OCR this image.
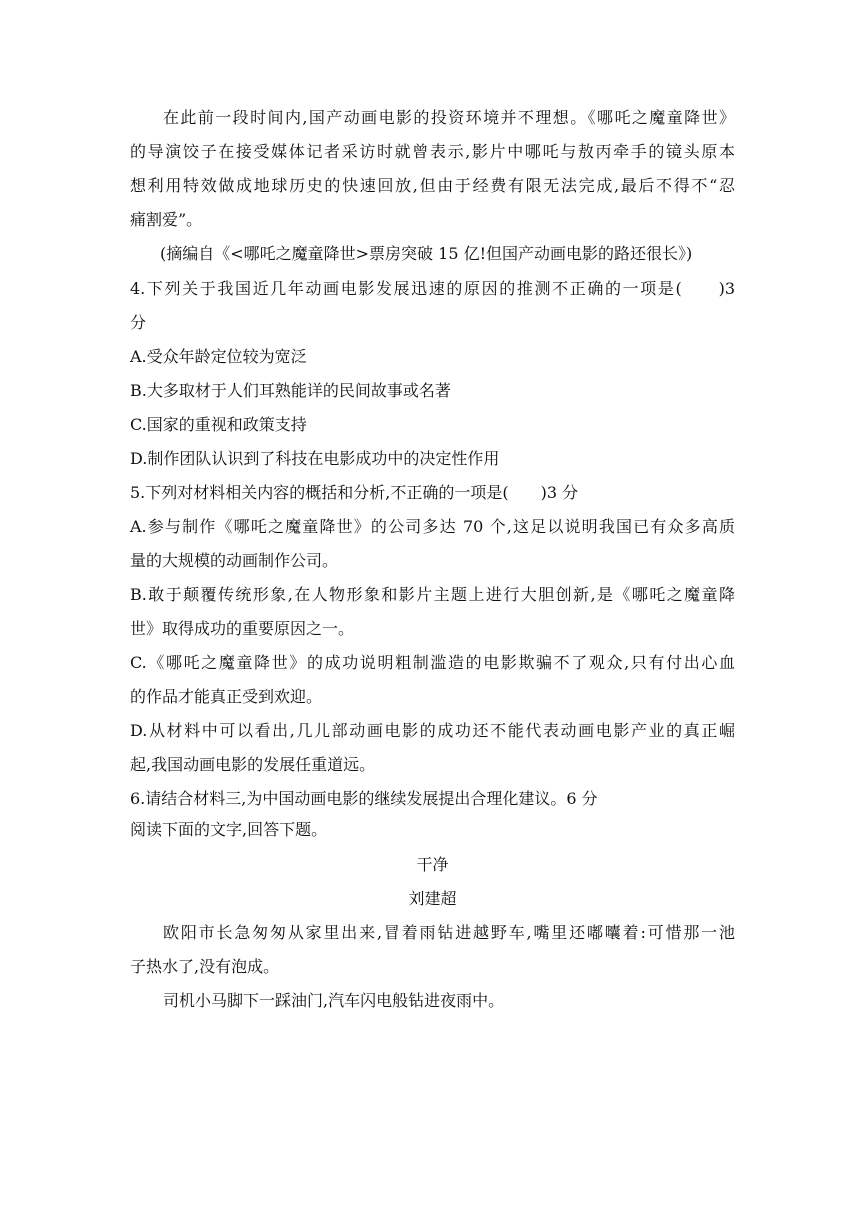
在此前一段时间内,国产动画电影的投资环境并不理想。《哪吒之魔童降世》
的导演饺子在接受媒体记者采访时就曾表示,影片中哪吒与敖丙牵手的镜头原本
想利用特效做成地球历史的快速回放,但由于经费有限无法完成,最后不得不“忍
痛割爱”。
(摘编自《<哪吒之魔童降世>票房突破 15 亿!但国产动画电影的路还很长》)
4.下列关于我国近几年动画电影发展迅速的原因的推测不正确的一项是(　　)3
分
A.受众年龄定位较为宽泛
B.大多取材于人们耳熟能详的民间故事或名著
C.国家的重视和政策支持
D.制作团队认识到了科技在电影成功中的决定性作用
5.下列对材料相关内容的概括和分析,不正确的一项是(　　)3 分
A.参与制作《哪吒之魔童降世》的公司多达 70 个,这足以说明我国已有众多高质
量的大规模的动画制作公司。
B.敢于颠覆传统形象,在人物形象和影片主题上进行大胆创新,是《哪吒之魔童降
世》取得成功的重要原因之一。
C.《哪吒之魔童降世》的成功说明粗制滥造的电影欺骗不了观众,只有付出心血
的作品才能真正受到欢迎。
D.从材料中可以看出,几儿部动画电影的成功还不能代表动画电影产业的真正崛
起,我国动画电影的发展任重道远。
6.请结合材料三,为中国动画电影的继续发展提出合理化建议。6 分
阅读下面的文字,回答下题。
干净
刘建超
欧阳市长急匆匆从家里出来,冒着雨钻进越野车,嘴里还嘟囔着:可惜那一池
子热水了,没有泡成。
司机小马脚下一踩油门,汽车闪电般钻进夜雨中。
